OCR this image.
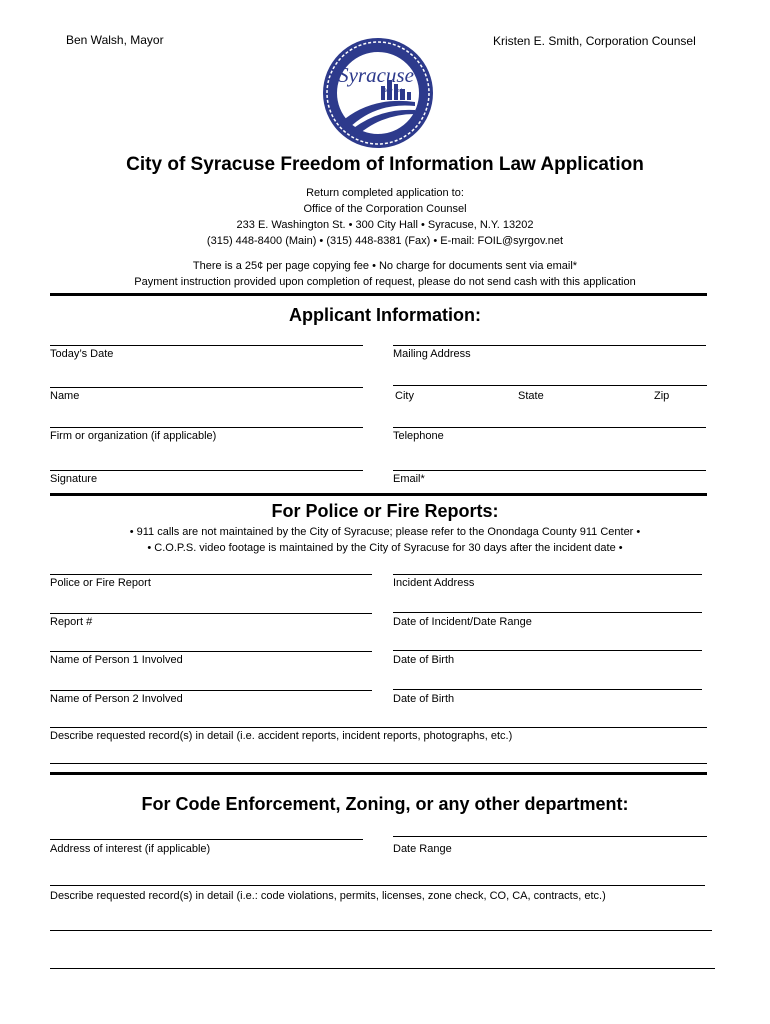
Ben Walsh, Mayor	Kristen E. Smith, Corporation Counsel
Syracuse
New York
City of Syracuse Freedom of Information Law Application
Return completed application to:
Office of the Corporation Counsel
233 E. Washington St. • 300 City Hall • Syracuse, N.Y. 13202
(315) 448-8400 (Main) • (315) 448-8381 (Fax) • E-mail: FOIL@syrgov.net
There is a 25¢ per page copying fee • No charge for documents sent via email*
Payment instruction provided upon completion of request, please do not send cash with this application
Applicant Information:
Today’s Date	Mailing Address
Name	City	State	Zip
Firm or organization (if applicable)	Telephone
Signature	Email*
For Police or Fire Reports:
• 911 calls are not maintained by the City of Syracuse; please refer to the Onondaga County 911 Center •
• C.O.P.S. video footage is maintained by the City of Syracuse for 30 days after the incident date •
Police or Fire Report	Incident Address
Report #	Date of Incident/Date Range
Name of Person 1 Involved	Date of Birth
Name of Person 2 Involved	Date of Birth
Describe requested record(s) in detail (i.e. accident reports, incident reports, photographs, etc.)
For Code Enforcement, Zoning, or any other department:
Address of interest (if applicable)	Date Range
Describe requested record(s) in detail (i.e.: code violations, permits, licenses, zone check, CO, CA, contracts, etc.)
